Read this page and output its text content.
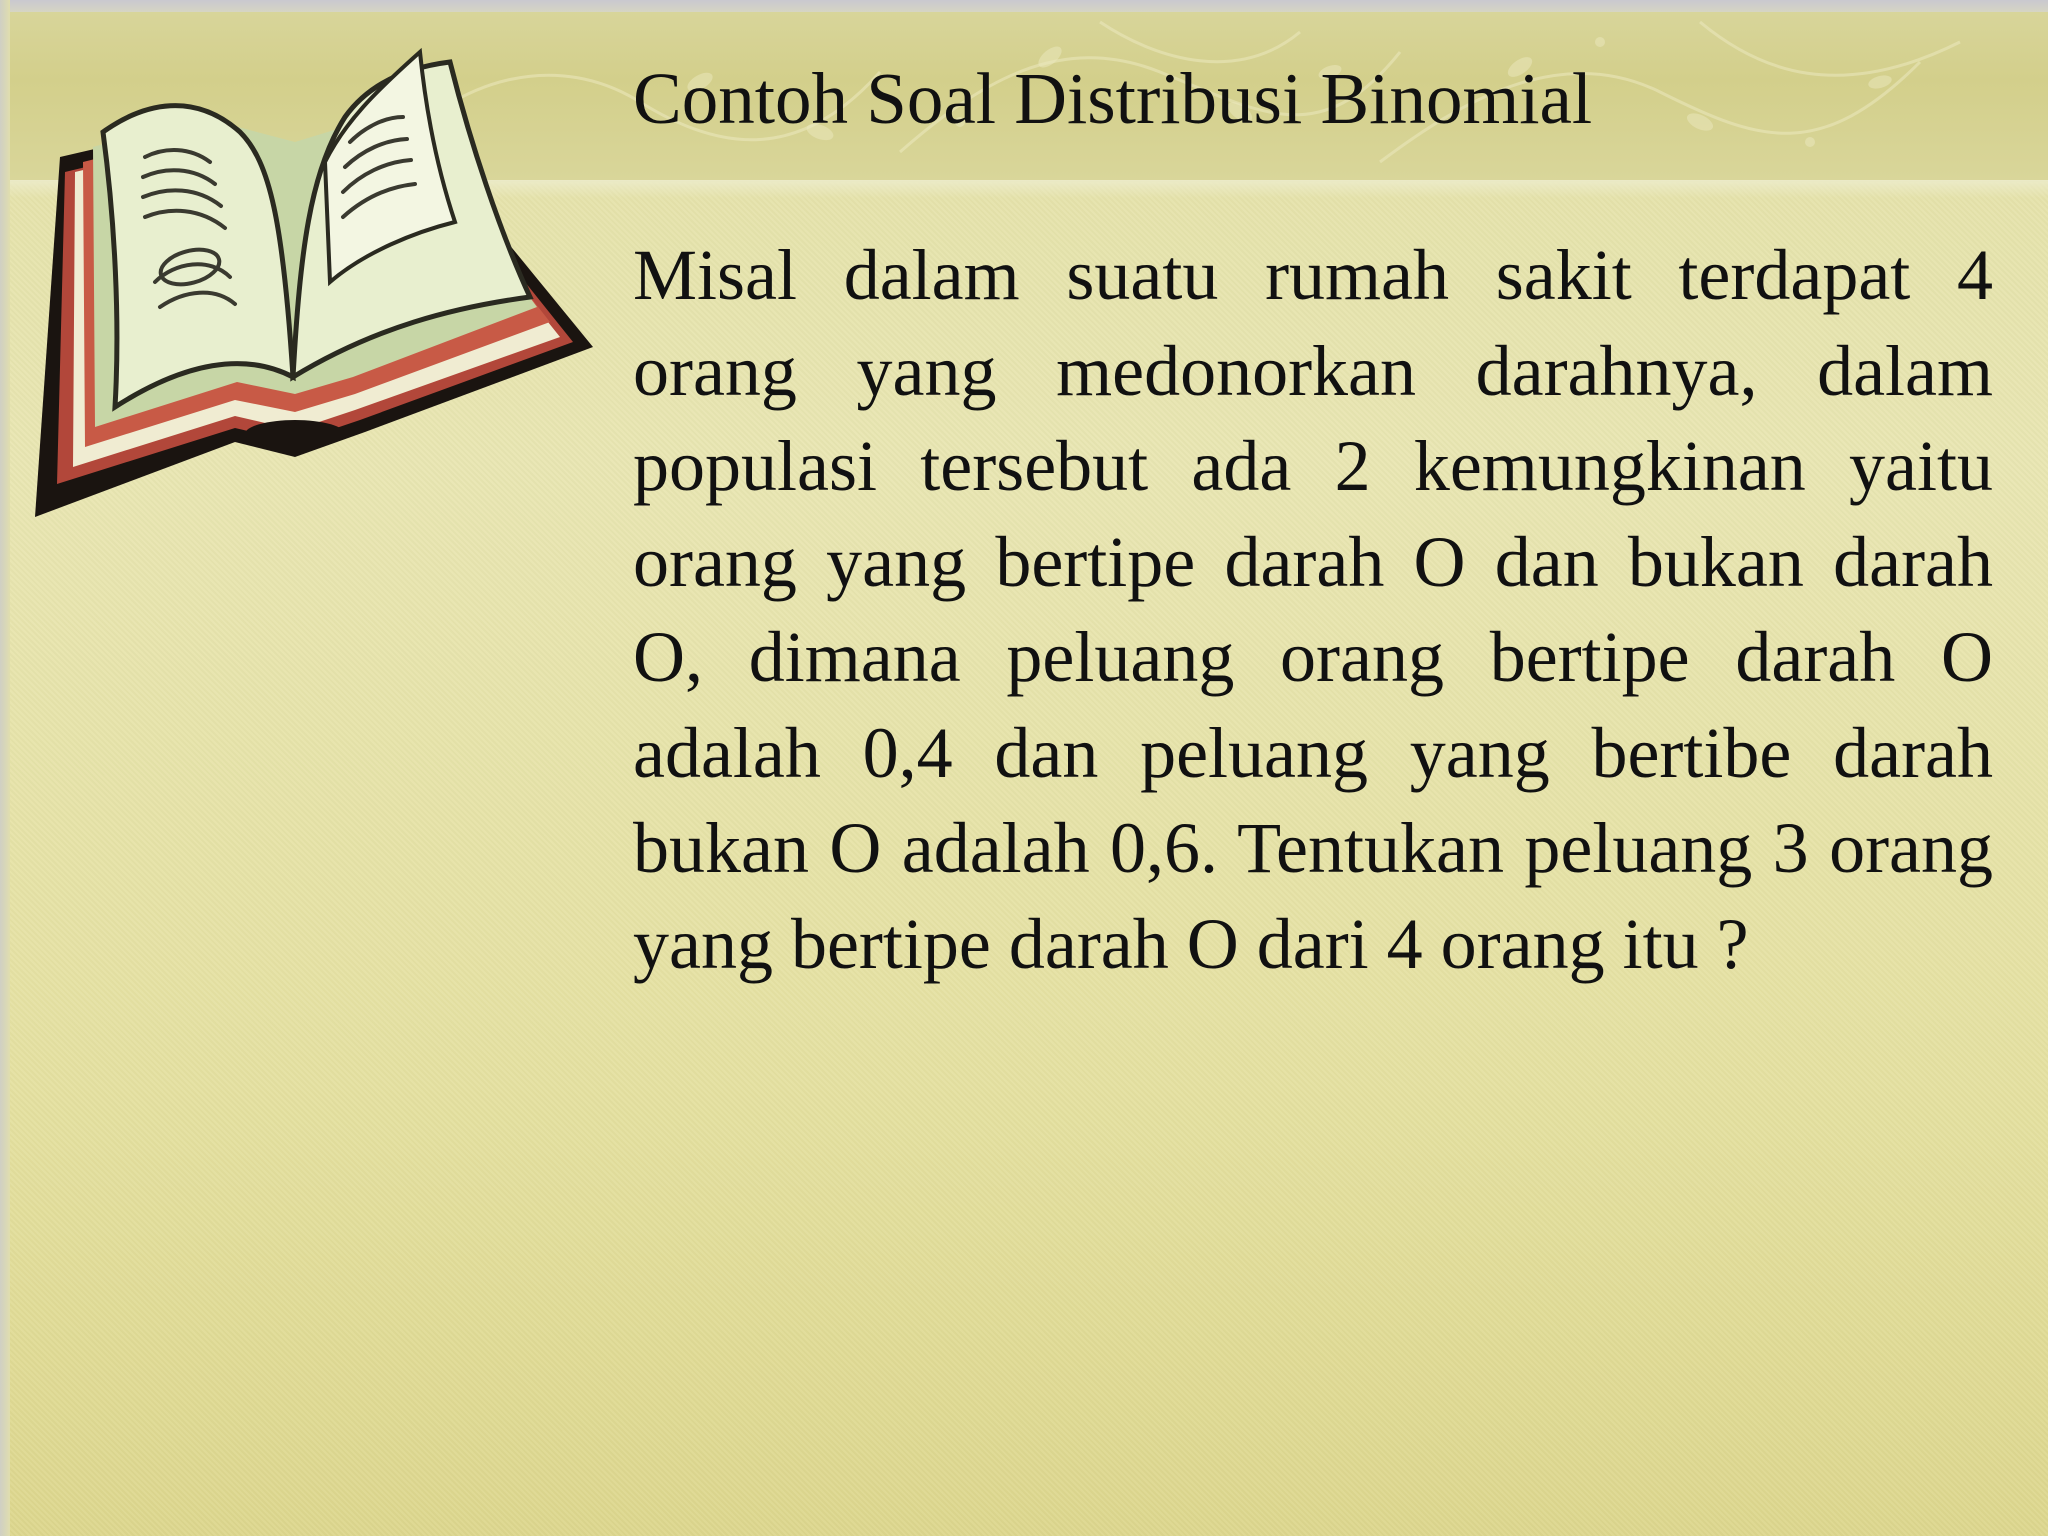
Contoh Soal Distribusi Binomial

Misal dalam suatu rumah sakit terdapat 4 orang yang medonorkan darahnya, dalam populasi tersebut ada 2 kemungkinan yaitu orang yang bertipe darah O dan bukan darah O, dimana peluang orang bertipe darah O adalah 0,4 dan peluang yang bertibe darah bukan O adalah 0,6. Tentukan peluang 3 orang yang bertipe darah O dari 4 orang itu ?
